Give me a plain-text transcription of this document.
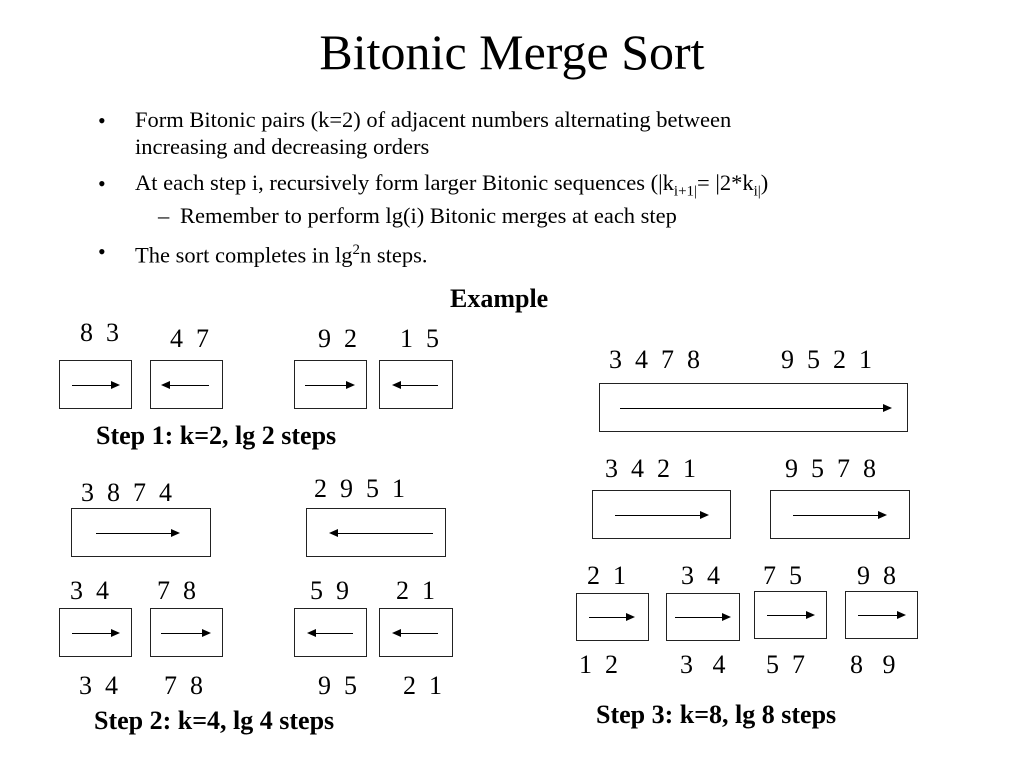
Bitonic Merge Sort
• Form Bitonic pairs (k=2) of adjacent numbers alternating between
increasing and decreasing orders
• At each step i, recursively form larger Bitonic sequences $(|k_{i+1|}= |2*k_{i|})$
– Remember to perform lg(i) Bitonic merges at each step
• The sort completes in $\lg^2n$ steps.
Example
8  3 4  7	9  2 1  5
Step 1: k=2, lg 2 steps
3  8  7  4	2  9  5  1
3  4 7  8	5  9 2  1
3  4 7  8	9  5 2  1
Step 2: k=4, lg 4 steps
3  4  7  8	9  5  2  1
3  4  2  1	9  5  7  8
2  1 3  4 7  5 9  8
1  2 3   4 5  7 8   9
Step 3: k=8, lg 8 steps
